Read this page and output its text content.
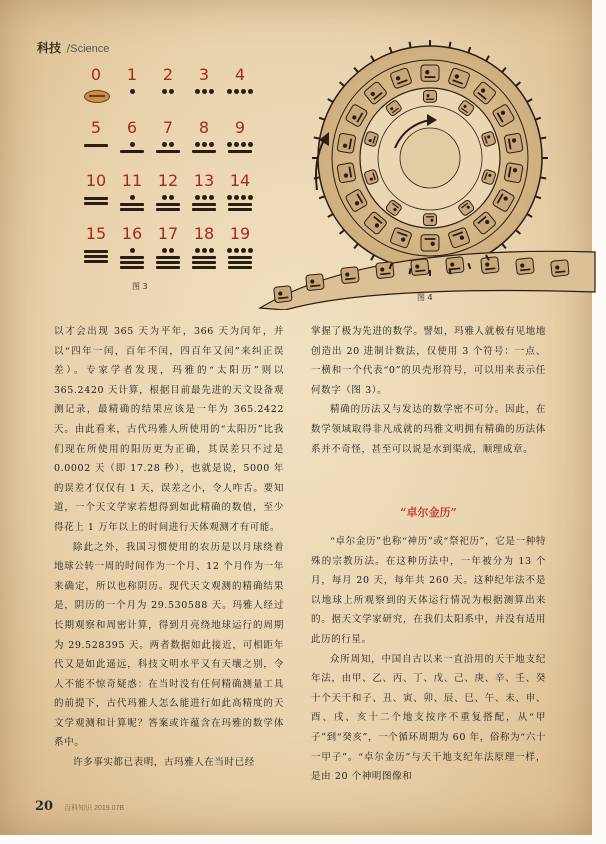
科技 /Science
0	1	2	3	4
5	6	7	8	9
10 11 12 13 14
15 16 17 18 19
图 3
图 4

以才会出现 365 天为平年，366 天为闰年，并以“四年一闰，百年不闰，四百年又闰”来纠正误差）。专家学者发现，玛雅的“太阳历”则以 365.2420 天计算，根据目前最先进的天文设备观测记录，最精确的结果应该是一年为 365.2422 天。由此看来，古代玛雅人所使用的“太阳历”比我们现在所使用的阳历更为正确，其误差只不过是 0.0002 天（即 17.28 秒），也就是说，5000 年的误差才仅仅有 1 天，误差之小，令人咋舌。要知道，一个天文学家若想得到如此精确的数值，至少得花上 1 万年以上的时间进行天体观测才有可能。

除此之外，我国习惯使用的农历是以月球绕着地球公转一周的时间作为一个月、12 个月作为一年来确定，所以也称阴历。现代天文观测的精确结果是，阴历的一个月为 29.530588 天。玛雅人经过长期观察和周密计算，得到月亮绕地球运行的周期为 29.528395 天。两者数据如此接近，可相距年代又是如此遥远，科技文明水平又有天壤之别，令人不能不惊奇疑惑：在当时没有任何精确测量工具的前提下，古代玛雅人怎么能进行如此高精度的天文学观测和计算呢？答案或许蕴含在玛雅的数学体系中。

许多事实都已表明，古玛雅人在当时已经

掌握了极为先进的数学。譬如，玛雅人就极有见地地创造出 20 进制计数法，仅使用 3 个符号：一点、一横和一个代表“0”的贝壳形符号，可以用来表示任何数字（图 3）。

精确的历法又与发达的数学密不可分。因此，在数学领域取得非凡成就的玛雅文明拥有精确的历法体系并不奇怪，甚至可以说是水到渠成，顺理成章。

“卓尔金历”

“卓尔金历”也称“神历”或“祭祀历”，它是一种特殊的宗教历法。在这种历法中，一年被分为 13 个月，每月 20 天，每年共 260 天。这种纪年法不是以地球上所观察到的天体运行情况为根据测算出来的。据天文学家研究，在我们太阳系中，并没有适用此历的行星。

众所周知，中国自古以来一直沿用的天干地支纪年法，由甲、乙、丙、丁、戊、己、庚、辛、壬、癸十个天干和子、丑、寅、卯、辰、巳、午、未、申、酉、戌、亥十二个地支按序不重复搭配，从“甲子”到“癸亥”，一个循环周期为 60 年，俗称为“六十一甲子”。“卓尔金历”与天干地支纪年法原理一样，是由 20 个神明图像和

20 百科知识 2019.07B
